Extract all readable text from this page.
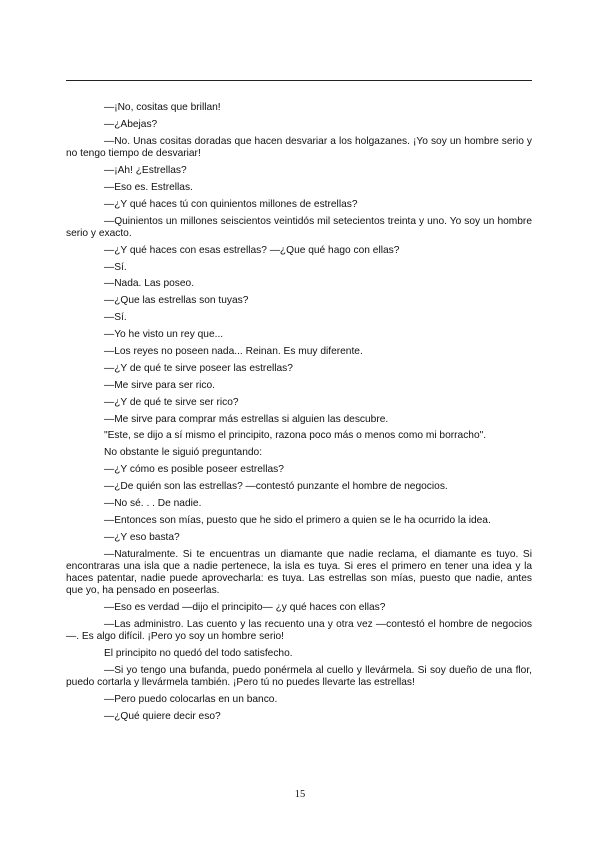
—¡No, cositas que brillan!

—¿Abejas?

—No. Unas cositas doradas que hacen desvariar a los holgazanes. ¡Yo soy un hombre serio y no tengo tiempo de desvariar!

—¡Ah! ¿Estrellas?

—Eso es. Estrellas.

—¿Y qué haces tú con quinientos millones de estrellas?

—Quinientos un millones seiscientos veintidós mil setecientos treinta y uno. Yo soy un hombre serio y exacto.

—¿Y qué haces con esas estrellas? —¿Que qué hago con ellas?

—Sí.

—Nada. Las poseo.

—¿Que las estrellas son tuyas?

—Sí.

—Yo he visto un rey que...

—Los reyes no poseen nada... Reinan. Es muy diferente.

—¿Y de qué te sirve poseer las estrellas?

—Me sirve para ser rico.

—¿Y de qué te sirve ser rico?

—Me sirve para comprar más estrellas si alguien las descubre.

"Este, se dijo a sí mismo el principito, razona poco más o menos como mi borracho".

No obstante le siguió preguntando:

—¿Y cómo es posible poseer estrellas?

—¿De quién son las estrellas? —contestó punzante el hombre de negocios.

—No sé. . . De nadie.

—Entonces son mías, puesto que he sido el primero a quien se le ha ocurrido la idea.

—¿Y eso basta?

—Naturalmente. Si te encuentras un diamante que nadie reclama, el diamante es tuyo. Si encontraras una isla que a nadie pertenece, la isla es tuya. Si eres el primero en tener una idea y la haces patentar, nadie puede aprovecharla: es tuya. Las estrellas son mías, puesto que nadie, antes que yo, ha pensado en poseerlas.

—Eso es verdad —dijo el principito— ¿y qué haces con ellas?

—Las administro. Las cuento y las recuento una y otra vez —contestó el hombre de negocios—. Es algo difícil. ¡Pero yo soy un hombre serio!

El principito no quedó del todo satisfecho.

—Si yo tengo una bufanda, puedo ponérmela al cuello y llevármela. Si soy dueño de una flor, puedo cortarla y llevármela también. ¡Pero tú no puedes llevarte las estrellas!

—Pero puedo colocarlas en un banco.

—¿Qué quiere decir eso?

15
